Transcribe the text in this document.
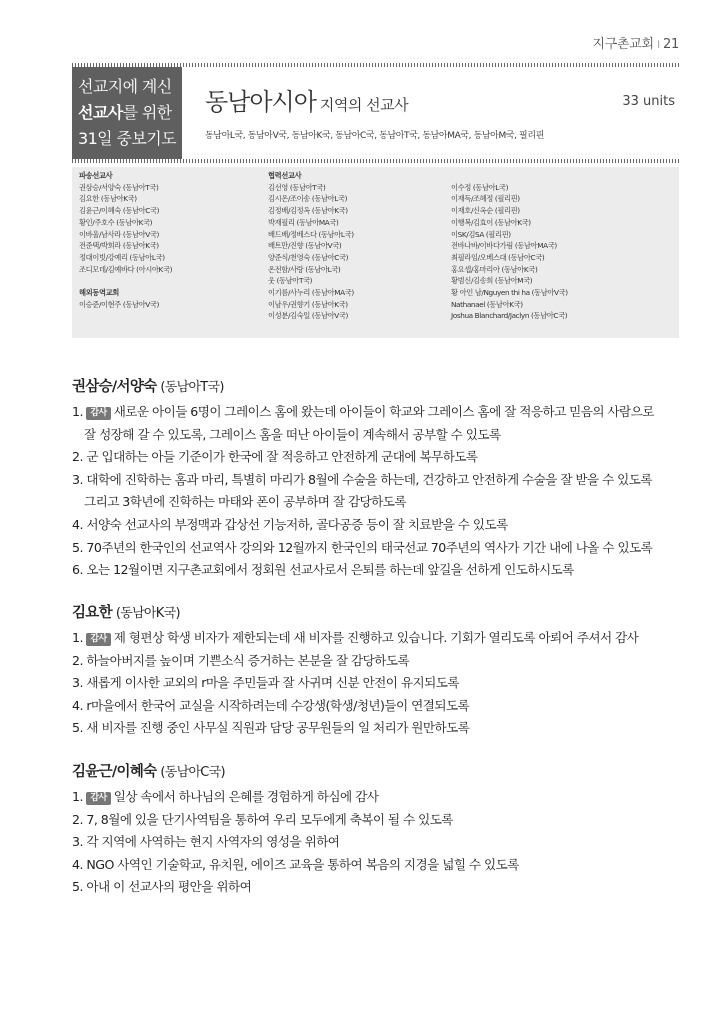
지구촌교회 ı 21
선교지에 계신
선교사를 위한
31일 중보기도
동남아시아 지역의 선교사	33 units
동남아L국, 동남아V국, 동남아K국, 동남아C국, 동남아T국, 동남아MA국, 동남아M국, 필리핀
파송선교사
권삼승/서양숙 (동남아T국)
김요한 (동남아K국)
김윤근/이혜숙 (동남아C국)
황인/주호수 (동남아K국)
이바울/남사라 (동남아V국)
전준택/박희라 (동남아K국)
정대이빗/강예리 (동남아L국)
조디모데/김예바다 (아시아K국)
해외동역교회
이승준/이현주 (동남아V국)
협력선교사
김선영 (동남아T국)
김시온/조이송 (동남아L국)
김정배/김정옥 (동남아K국)
박재필리 (동남아MA국)
배드배/정베스다 (동남아L국)
배트만/진향 (동남아V국)
양준식/천영숙 (동남아C국)
온전함/사랑 (동남아L국)
웃 (동남아T국)
이기름/사누리 (동남아MA국)
이남우/권향기 (동남아K국)
이성분/김숙일 (동남아V국)
이수정 (동남아L국)
이재득/조혜정 (필리핀)
이재호/신옥순 (필리핀)
이행복/김효이 (동남아K국)
이SK/김SA (필리핀)
전바나바/이바다가림 (동남아MA국)
최필라임/오베스대 (동남아C국)
홍요셉/홍마리아 (동남아K국)
황범신/김송희 (동남아M국)
황 아인 남/Nguyen thi ha (동남아V국)
Nathanael (동남아K국)
Joshua Blanchard/Jaclyn (동남아C국)
권삼승/서양숙 (동남아T국)
1. 감사 새로운 아이들 6명이 그레이스 홈에 왔는데 아이들이 학교와 그레이스 홈에 잘 적응하고 믿음의 사람으로
잘 성장해 갈 수 있도록, 그레이스 홈을 떠난 아이들이 계속해서 공부할 수 있도록
2. 군 입대하는 아들 기준이가 한국에 잘 적응하고 안전하게 군대에 복무하도록
3. 대학에 진학하는 홈과 마리, 특별히 마리가 8월에 수술을 하는데, 건강하고 안전하게 수술을 잘 받을 수 있도록
그리고 3학년에 진학하는 마태와 폰이 공부하며 잘 감당하도록
4. 서양숙 선교사의 부정맥과 갑상선 기능저하, 골다공증 등이 잘 치료받을 수 있도록
5. 70주년의 한국인의 선교역사 강의와 12월까지 한국인의 태국선교 70주년의 역사가 기간 내에 나올 수 있도록
6. 오는 12월이면 지구촌교회에서 정회원 선교사로서 은퇴를 하는데 앞길을 선하게 인도하시도록
김요한 (동남아K국)
1. 감사 제 형편상 학생 비자가 제한되는데 새 비자를 진행하고 있습니다. 기회가 열리도록 아뢰어 주셔서 감사
2. 하늘아버지를 높이며 기쁜소식 증거하는 본분을 잘 감당하도록
3. 새롭게 이사한 교외의 r마을 주민들과 잘 사귀며 신분 안전이 유지되도록
4. r마을에서 한국어 교실을 시작하려는데 수강생(학생/청년)들이 연결되도록
5. 새 비자를 진행 중인 사무실 직원과 담당 공무원들의 일 처리가 원만하도록
김윤근/이혜숙 (동남아C국)
1. 감사 일상 속에서 하나님의 은혜를 경험하게 하심에 감사
2. 7, 8월에 있을 단기사역팀을 통하여 우리 모두에게 축복이 될 수 있도록
3. 각 지역에 사역하는 현지 사역자의 영성을 위하여
4. NGO 사역인 기술학교, 유치원, 에이즈 교육을 통하여 복음의 지경을 넓힐 수 있도록
5. 아내 이 선교사의 평안을 위하여
